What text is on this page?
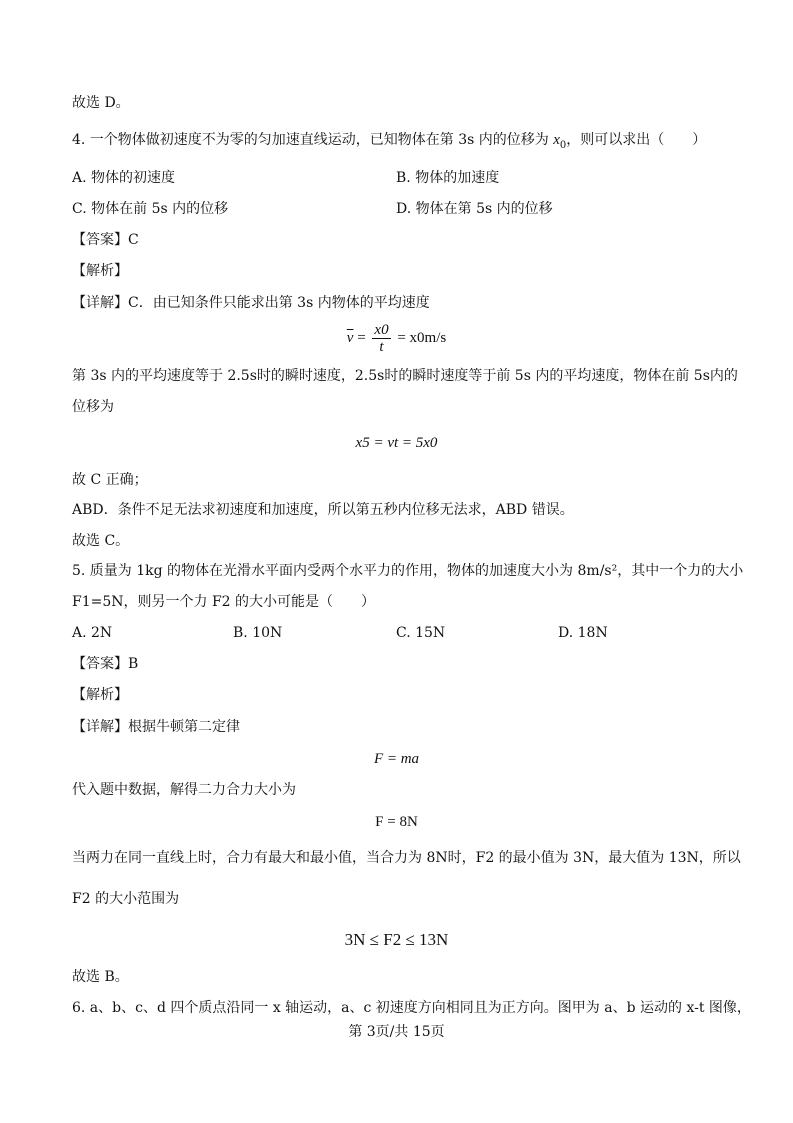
故选 D。
4. 一个物体做初速度不为零的匀加速直线运动，已知物体在第 3s 内的位移为 $x_0$，则可以求出（　　）
A. 物体的初速度	B. 物体的加速度
C. 物体在前 5s 内的位移	D. 物体在第 5s 内的位移
【答案】C
【解析】
【详解】C．由已知条件只能求出第 3s 内物体的平均速度
$\overline{v} = \frac{x0}{t} = x0m/s$
第 3s 内的平均速度等于 2.5s时的瞬时速度，2.5s时的瞬时速度等于前 5s 内的平均速度，物体在前 5s内的
位移为
x5 = vt = 5x0
故 C 正确；
ABD．条件不足无法求初速度和加速度，所以第五秒内位移无法求，ABD 错误。
故选 C。
5. 质量为 1kg 的物体在光滑水平面内受两个水平力的作用，物体的加速度大小为 8m/s²，其中一个力的大小
F1=5N，则另一个力 F2 的大小可能是（　　）
A. 2N	B. 10N	C. 15N	D. 18N
【答案】B
【解析】
【详解】根据牛顿第二定律
F = ma
代入题中数据，解得二力合力大小为
F = 8N
当两力在同一直线上时，合力有最大和最小值，当合力为 8N时，F2 的最小值为 3N，最大值为 13N，所以
F2 的大小范围为
3N ≤ F2 ≤ 13N
故选 B。
6. a、b、c、d 四个质点沿同一 x 轴运动，a、c 初速度方向相同且为正方向。图甲为 a、b 运动的 x-t 图像，
第 3页/共 15页
